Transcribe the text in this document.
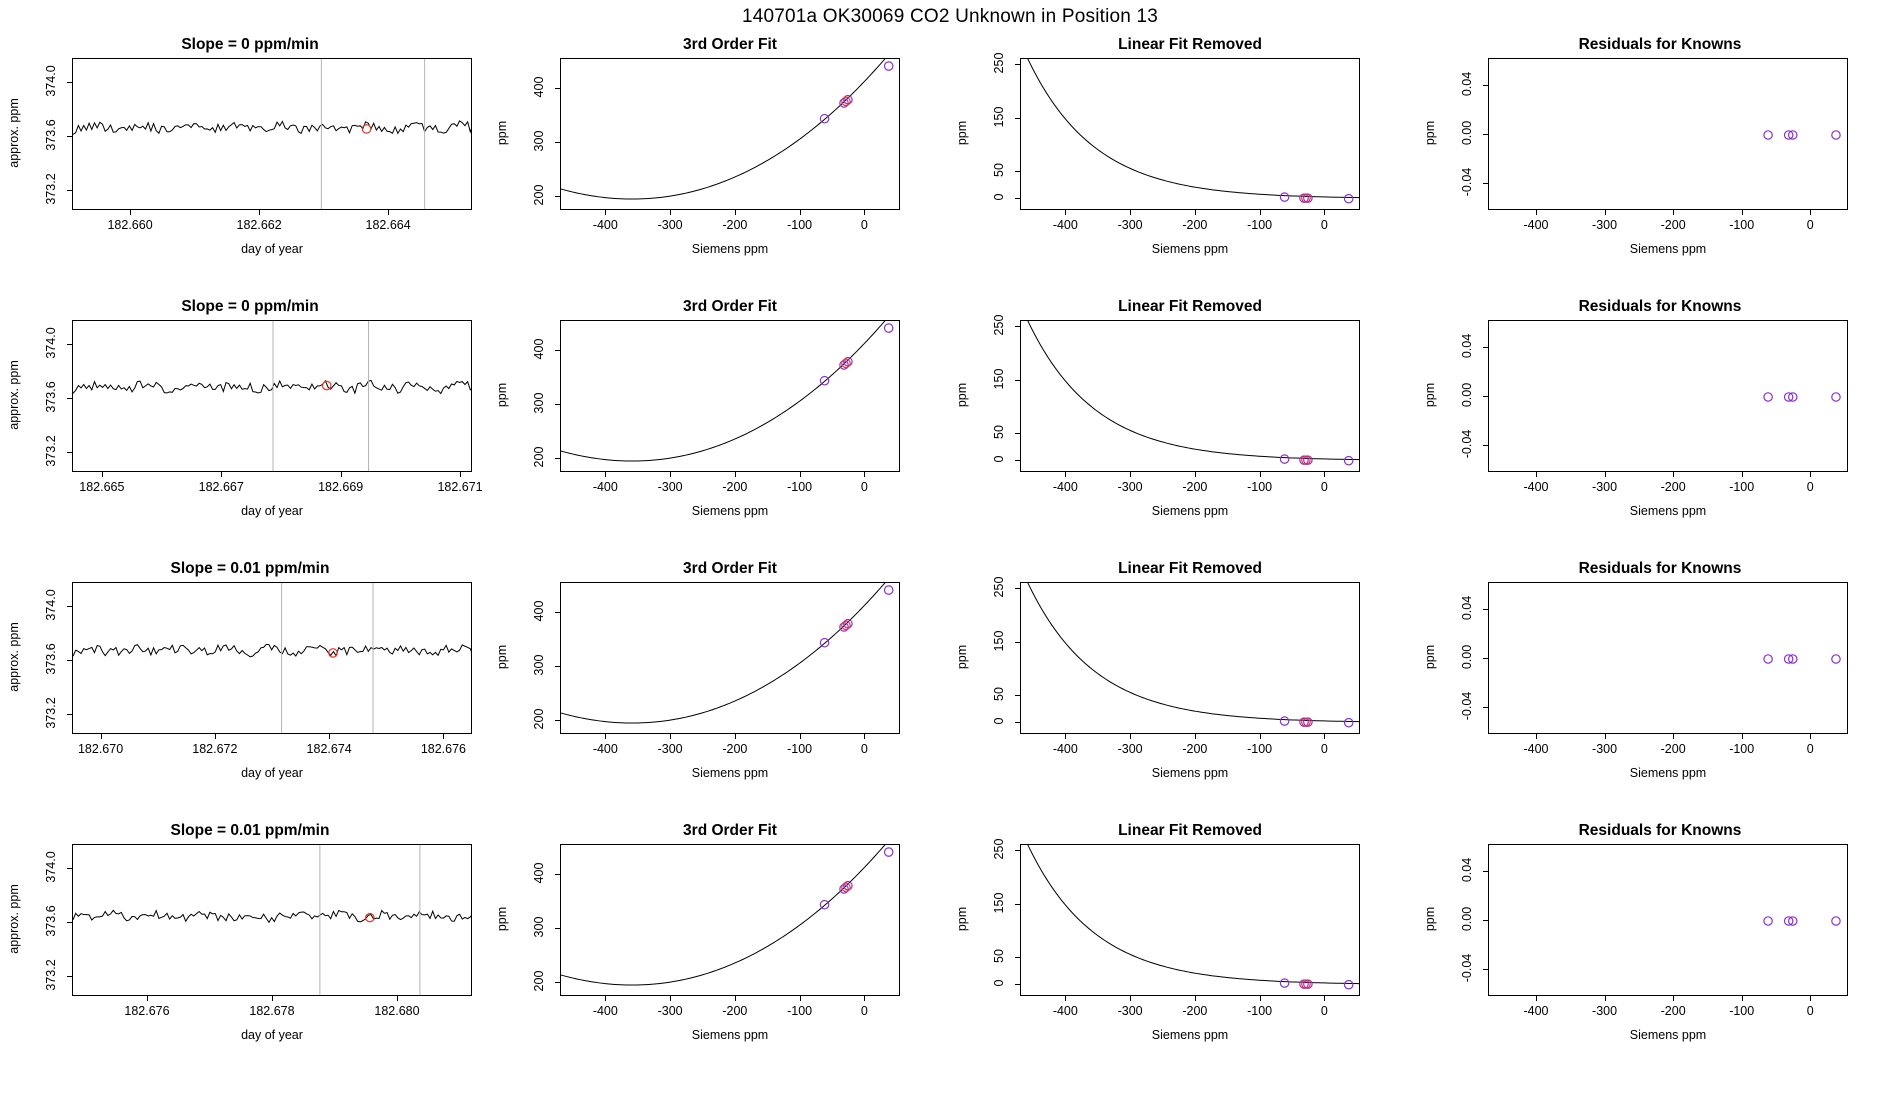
140701a OK30069 CO2 Unknown in Position 13
Slope = 0 ppm/min
182.660	182.662	182.664
373.2
373.6
374.0
day of year
approx. ppm
3rd Order Fit
-400	-300	-200	-100	0
200
300
400
Siemens ppm
ppm
Linear Fit Removed
-400	-300	-200	-100	0
0
50
150
250
Siemens ppm
ppm
Residuals for Knowns
-400	-300	-200	-100	0
-0.04
0.00
0.04
Siemens ppm
ppm
Slope = 0 ppm/min
182.665	182.667	182.669	182.671
373.2
373.6
374.0
day of year
approx. ppm
3rd Order Fit
-400	-300	-200	-100	0
200
300
400
Siemens ppm
ppm
Linear Fit Removed
-400	-300	-200	-100	0
0
50
150
250
Siemens ppm
ppm
Residuals for Knowns
-400	-300	-200	-100	0
-0.04
0.00
0.04
Siemens ppm
ppm
Slope = 0.01 ppm/min
182.670	182.672	182.674	182.676
373.2
373.6
374.0
day of year
approx. ppm
3rd Order Fit
-400	-300	-200	-100	0
200
300
400
Siemens ppm
ppm
Linear Fit Removed
-400	-300	-200	-100	0
0
50
150
250
Siemens ppm
ppm
Residuals for Knowns
-400	-300	-200	-100	0
-0.04
0.00
0.04
Siemens ppm
ppm
Slope = 0.01 ppm/min
182.676	182.678	182.680
373.2
373.6
374.0
day of year
approx. ppm
3rd Order Fit
-400	-300	-200	-100	0
200
300
400
Siemens ppm
ppm
Linear Fit Removed
-400	-300	-200	-100	0
0
50
150
250
Siemens ppm
ppm
Residuals for Knowns
-400	-300	-200	-100	0
-0.04
0.00
0.04
Siemens ppm
ppm
